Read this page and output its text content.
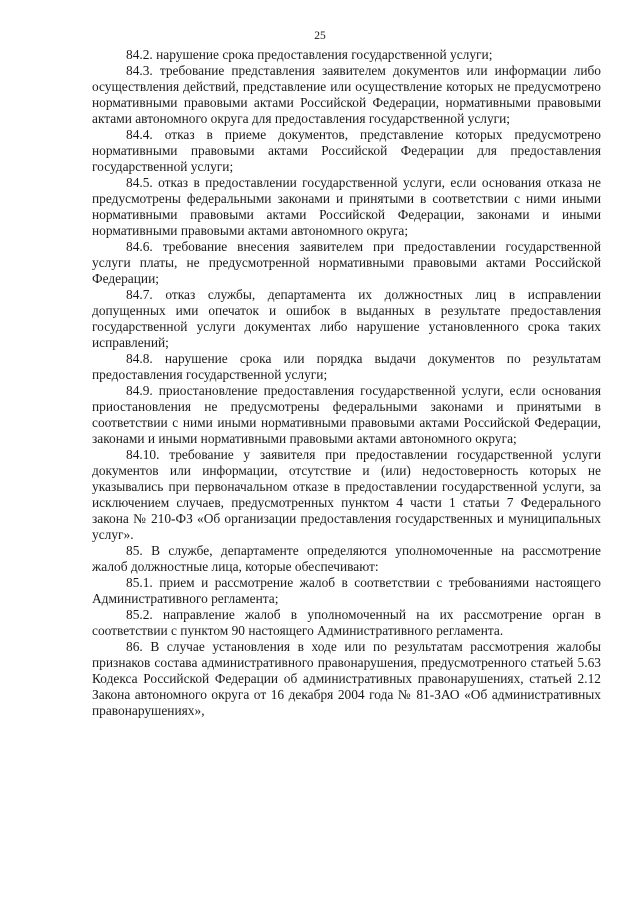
25

84.2. нарушение срока предоставления государственной услуги;

84.3. требование представления заявителем документов или информации либо осуществления действий, представление или осуществление которых не предусмотрено нормативными правовыми актами Российской Федерации, нормативными правовыми актами автономного округа для предоставления государственной услуги;

84.4. отказ в приеме документов, представление которых предусмотрено нормативными правовыми актами Российской Федерации для предоставления государственной услуги;

84.5. отказ в предоставлении государственной услуги, если основания отказа не предусмотрены федеральными законами и принятыми в соответствии с ними иными нормативными правовыми актами Российской Федерации, законами и иными нормативными правовыми актами автономного округа;

84.6. требование внесения заявителем при предоставлении государственной услуги платы, не предусмотренной нормативными правовыми актами Российской Федерации;

84.7. отказ службы, департамента их должностных лиц в исправлении допущенных ими опечаток и ошибок в выданных в результате предоставления государственной услуги документах либо нарушение установленного срока таких исправлений;

84.8. нарушение срока или порядка выдачи документов по результатам предоставления государственной услуги;

84.9. приостановление предоставления государственной услуги, если основания приостановления не предусмотрены федеральными законами и принятыми в соответствии с ними иными нормативными правовыми актами Российской Федерации, законами и иными нормативными правовыми актами автономного округа;

84.10. требование у заявителя при предоставлении государственной услуги документов или информации, отсутствие и (или) недостоверность которых не указывались при первоначальном отказе в предоставлении государственной услуги, за исключением случаев, предусмотренных пунктом 4 части 1 статьи 7 Федерального закона № 210-ФЗ «Об организации предоставления государственных и муниципальных услуг».

85. В службе, департаменте определяются уполномоченные на рассмотрение жалоб должностные лица, которые обеспечивают:

85.1. прием и рассмотрение жалоб в соответствии с требованиями настоящего Административного регламента;

85.2. направление жалоб в уполномоченный на их рассмотрение орган в соответствии с пунктом 90 настоящего Административного регламента.

86. В случае установления в ходе или по результатам рассмотрения жалобы признаков состава административного правонарушения, предусмотренного статьей 5.63 Кодекса Российской Федерации об административных правонарушениях, статьей 2.12 Закона автономного округа от 16 декабря 2004 года № 81-ЗАО «Об административных правонарушениях»,
